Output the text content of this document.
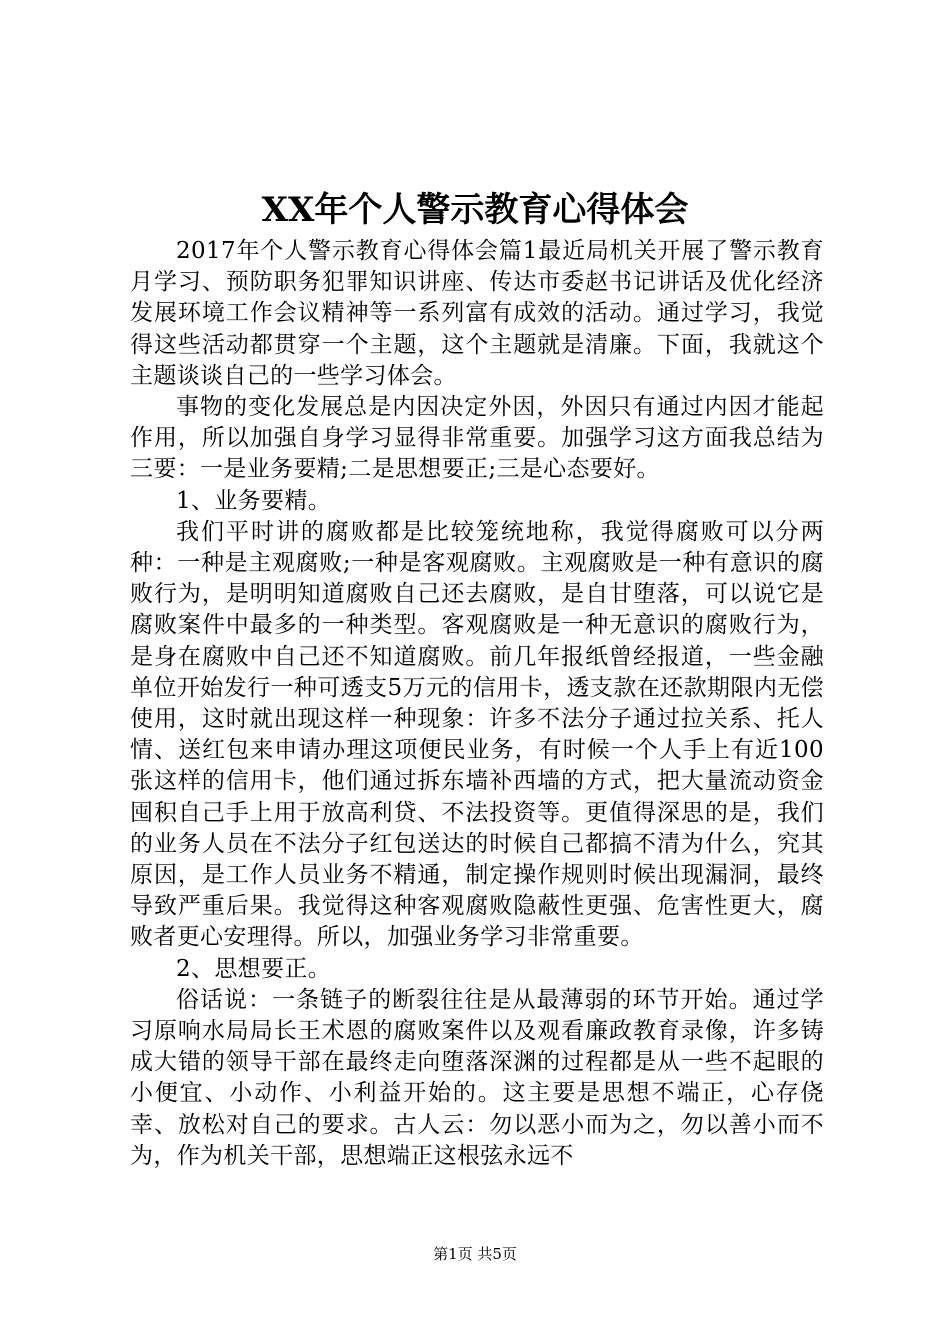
XX年个人警示教育心得体会

2017年个人警示教育心得体会篇1最近局机关开展了警示教育月学习、预防职务犯罪知识讲座、传达市委赵书记讲话及优化经济发展环境工作会议精神等一系列富有成效的活动。通过学习，我觉得这些活动都贯穿一个主题，这个主题就是清廉。下面，我就这个主题谈谈自己的一些学习体会。

事物的变化发展总是内因决定外因，外因只有通过内因才能起作用，所以加强自身学习显得非常重要。加强学习这方面我总结为三要：一是业务要精;二是思想要正;三是心态要好。

1、业务要精。

我们平时讲的腐败都是比较笼统地称，我觉得腐败可以分两种：一种是主观腐败;一种是客观腐败。主观腐败是一种有意识的腐败行为，是明明知道腐败自己还去腐败，是自甘堕落，可以说它是腐败案件中最多的一种类型。客观腐败是一种无意识的腐败行为，是身在腐败中自己还不知道腐败。前几年报纸曾经报道，一些金融单位开始发行一种可透支5万元的信用卡，透支款在还款期限内无偿使用，这时就出现这样一种现象：许多不法分子通过拉关系、托人情、送红包来申请办理这项便民业务，有时候一个人手上有近100张这样的信用卡，他们通过拆东墙补西墙的方式，把大量流动资金囤积自己手上用于放高利贷、不法投资等。更值得深思的是，我们的业务人员在不法分子红包送达的时候自己都搞不清为什么，究其原因，是工作人员业务不精通，制定操作规则时候出现漏洞，最终导致严重后果。我觉得这种客观腐败隐蔽性更强、危害性更大，腐败者更心安理得。所以，加强业务学习非常重要。

2、思想要正。

俗话说：一条链子的断裂往往是从最薄弱的环节开始。通过学习原响水局局长王术恩的腐败案件以及观看廉政教育录像，许多铸成大错的领导干部在最终走向堕落深渊的过程都是从一些不起眼的小便宜、小动作、小利益开始的。这主要是思想不端正，心存侥幸、放松对自己的要求。古人云：勿以恶小而为之，勿以善小而不为，作为机关干部，思想端正这根弦永远不

第1页 共5页
